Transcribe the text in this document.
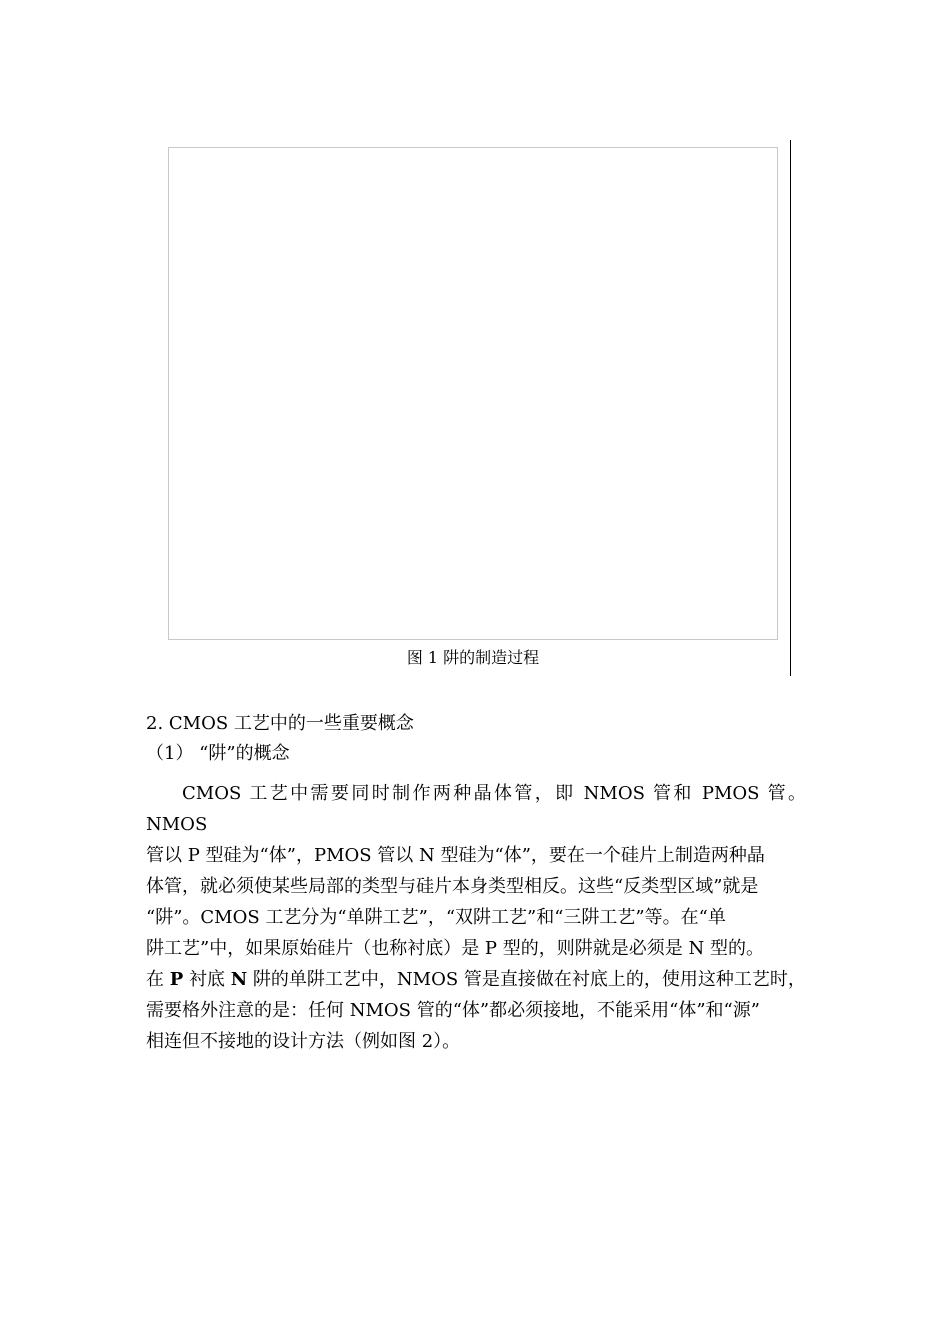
图 1 阱的制造过程
2. CMOS 工艺中的一些重要概念
（1） “阱”的概念
CMOS 工艺中需要同时制作两种晶体管，即 NMOS 管和 PMOS 管。NMOS
管以 P 型硅为“体”，PMOS 管以 N 型硅为“体”，要在一个硅片上制造两种晶
体管，就必须使某些局部的类型与硅片本身类型相反。这些“反类型区域”就是
“阱”。CMOS 工艺分为“单阱工艺”，“双阱工艺”和“三阱工艺”等。在“单
阱工艺”中，如果原始硅片（也称衬底）是 P 型的，则阱就是必须是 N 型的。
在 P 衬底 N 阱的单阱工艺中，NMOS 管是直接做在衬底上的，使用这种工艺时，
需要格外注意的是：任何 NMOS 管的“体”都必须接地，不能采用“体”和“源”
相连但不接地的设计方法（例如图 2）。
